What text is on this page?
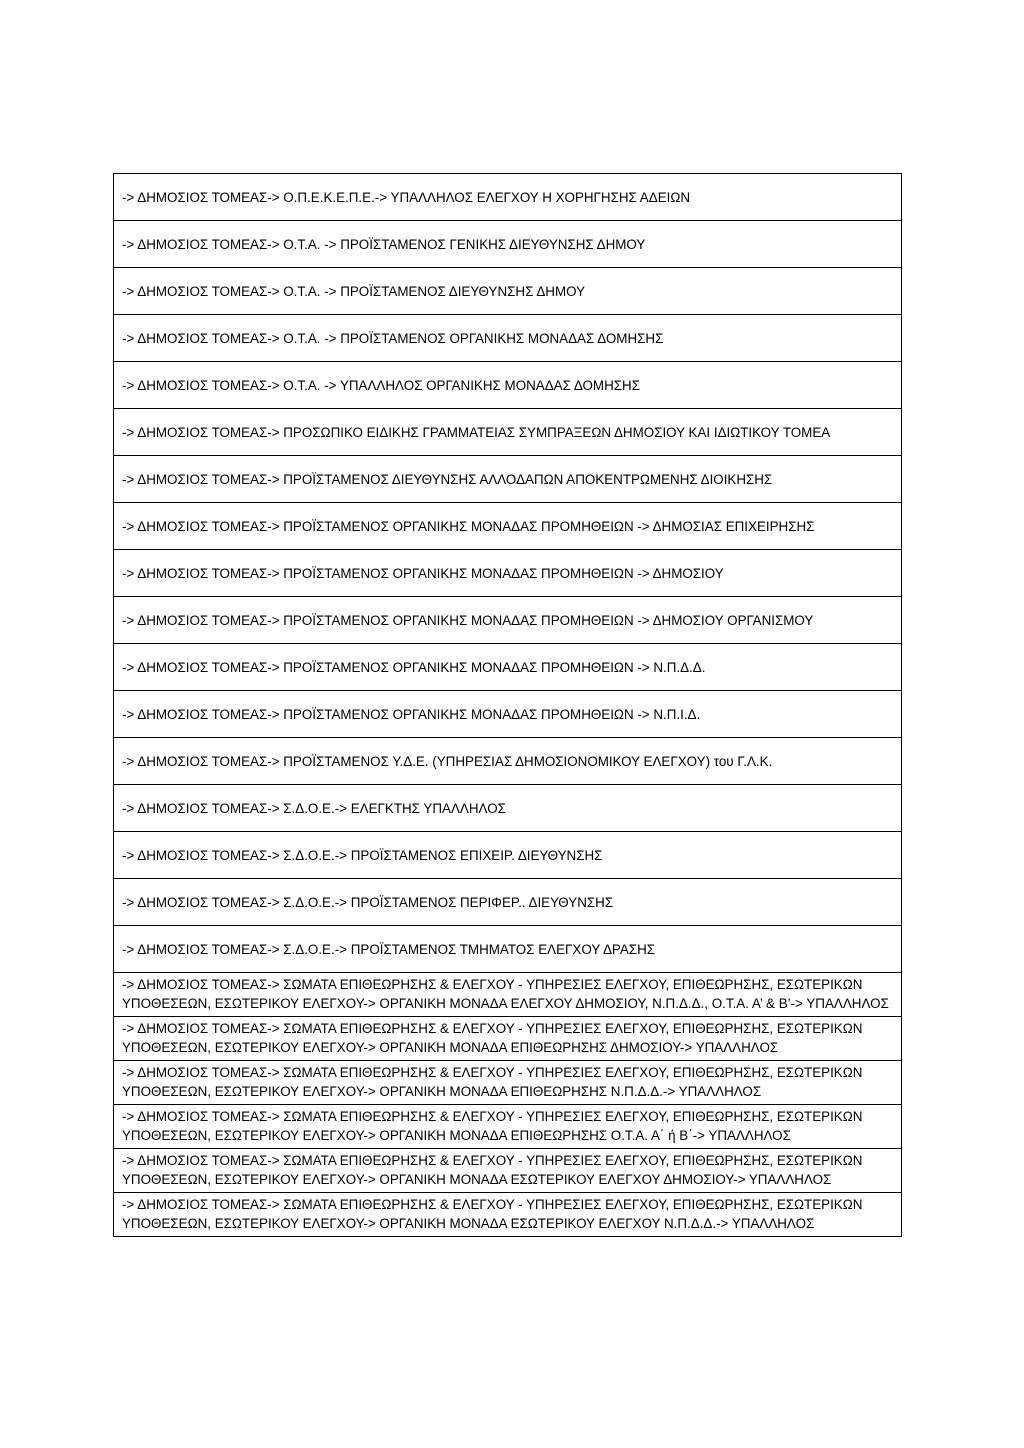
-> ΔΗΜΟΣΙΟΣ ΤΟΜΕΑΣ-> Ο.Π.Ε.Κ.Ε.Π.Ε.-> ΥΠΑΛΛΗΛΟΣ ΕΛΕΓΧΟΥ Η ΧΟΡΗΓΗΣΗΣ ΑΔΕΙΩΝ
-> ΔΗΜΟΣΙΟΣ ΤΟΜΕΑΣ-> Ο.Τ.Α. -> ΠΡΟΪΣΤΑΜΕΝΟΣ ΓΕΝΙΚΗΣ ΔΙΕΥΘΥΝΣΗΣ ΔΗΜΟΥ
-> ΔΗΜΟΣΙΟΣ ΤΟΜΕΑΣ-> Ο.Τ.Α. -> ΠΡΟΪΣΤΑΜΕΝΟΣ ΔΙΕΥΘΥΝΣΗΣ ΔΗΜΟΥ
-> ΔΗΜΟΣΙΟΣ ΤΟΜΕΑΣ-> Ο.Τ.Α. -> ΠΡΟΪΣΤΑΜΕΝΟΣ ΟΡΓΑΝΙΚΗΣ ΜΟΝΑΔΑΣ ΔΟΜΗΣΗΣ
-> ΔΗΜΟΣΙΟΣ ΤΟΜΕΑΣ-> Ο.Τ.Α. -> ΥΠΑΛΛΗΛΟΣ ΟΡΓΑΝΙΚΗΣ ΜΟΝΑΔΑΣ ΔΟΜΗΣΗΣ
-> ΔΗΜΟΣΙΟΣ ΤΟΜΕΑΣ-> ΠΡΟΣΩΠΙΚΟ ΕΙΔΙΚΗΣ ΓΡΑΜΜΑΤΕΙΑΣ ΣΥΜΠΡΑΞΕΩΝ ΔΗΜΟΣΙΟΥ ΚΑΙ ΙΔΙΩΤΙΚΟΥ ΤΟΜΕΑ
-> ΔΗΜΟΣΙΟΣ ΤΟΜΕΑΣ-> ΠΡΟΪΣΤΑΜΕΝΟΣ ΔΙΕΥΘΥΝΣΗΣ ΑΛΛΟΔΑΠΩΝ ΑΠΟΚΕΝΤΡΩΜΕΝΗΣ ΔΙΟΙΚΗΣΗΣ
-> ΔΗΜΟΣΙΟΣ ΤΟΜΕΑΣ-> ΠΡΟΪΣΤΑΜΕΝΟΣ ΟΡΓΑΝΙΚΗΣ ΜΟΝΑΔΑΣ ΠΡΟΜΗΘΕΙΩΝ -> ΔΗΜΟΣΙΑΣ ΕΠΙΧΕΙΡΗΣΗΣ
-> ΔΗΜΟΣΙΟΣ ΤΟΜΕΑΣ-> ΠΡΟΪΣΤΑΜΕΝΟΣ ΟΡΓΑΝΙΚΗΣ ΜΟΝΑΔΑΣ ΠΡΟΜΗΘΕΙΩΝ -> ΔΗΜΟΣΙΟΥ
-> ΔΗΜΟΣΙΟΣ ΤΟΜΕΑΣ-> ΠΡΟΪΣΤΑΜΕΝΟΣ ΟΡΓΑΝΙΚΗΣ ΜΟΝΑΔΑΣ ΠΡΟΜΗΘΕΙΩΝ -> ΔΗΜΟΣΙΟΥ ΟΡΓΑΝΙΣΜΟΥ
-> ΔΗΜΟΣΙΟΣ ΤΟΜΕΑΣ-> ΠΡΟΪΣΤΑΜΕΝΟΣ ΟΡΓΑΝΙΚΗΣ ΜΟΝΑΔΑΣ ΠΡΟΜΗΘΕΙΩΝ -> Ν.Π.Δ.Δ.
-> ΔΗΜΟΣΙΟΣ ΤΟΜΕΑΣ-> ΠΡΟΪΣΤΑΜΕΝΟΣ ΟΡΓΑΝΙΚΗΣ ΜΟΝΑΔΑΣ ΠΡΟΜΗΘΕΙΩΝ -> Ν.Π.Ι.Δ.
-> ΔΗΜΟΣΙΟΣ ΤΟΜΕΑΣ-> ΠΡΟΪΣΤΑΜΕΝΟΣ Υ.Δ.Ε. (ΥΠΗΡΕΣΙΑΣ ΔΗΜΟΣΙΟΝΟΜΙΚΟΥ ΕΛΕΓΧΟΥ) του Γ.Λ.Κ.
-> ΔΗΜΟΣΙΟΣ ΤΟΜΕΑΣ-> Σ.Δ.Ο.Ε.-> ΕΛΕΓΚΤΗΣ ΥΠΑΛΛΗΛΟΣ
-> ΔΗΜΟΣΙΟΣ ΤΟΜΕΑΣ-> Σ.Δ.Ο.Ε.-> ΠΡΟΪΣΤΑΜΕΝΟΣ ΕΠΙΧΕΙΡ. ΔΙΕΥΘΥΝΣΗΣ
-> ΔΗΜΟΣΙΟΣ ΤΟΜΕΑΣ-> Σ.Δ.Ο.Ε.-> ΠΡΟΪΣΤΑΜΕΝΟΣ ΠΕΡΙΦΕΡ.. ΔΙΕΥΘΥΝΣΗΣ
-> ΔΗΜΟΣΙΟΣ ΤΟΜΕΑΣ-> Σ.Δ.Ο.Ε.-> ΠΡΟΪΣΤΑΜΕΝΟΣ ΤΜΗΜΑΤΟΣ ΕΛΕΓΧΟΥ ΔΡΑΣΗΣ
-> ΔΗΜΟΣΙΟΣ ΤΟΜΕΑΣ-> ΣΩΜΑΤΑ ΕΠΙΘΕΩΡΗΣΗΣ & ΕΛΕΓΧΟΥ - ΥΠΗΡΕΣΙΕΣ ΕΛΕΓΧΟΥ, ΕΠΙΘΕΩΡΗΣΗΣ, ΕΣΩΤΕΡΙΚΩΝ ΥΠΟΘΕΣΕΩΝ, ΕΣΩΤΕΡΙΚΟΥ ΕΛΕΓΧΟΥ-> ΟΡΓΑΝΙΚΗ ΜΟΝΑΔΑ ΕΛΕΓΧΟΥ ΔΗΜΟΣΙΟΥ, Ν.Π.Δ.Δ., Ο.Τ.Α. Α’ & Β’-> ΥΠΑΛΛΗΛΟΣ
-> ΔΗΜΟΣΙΟΣ ΤΟΜΕΑΣ-> ΣΩΜΑΤΑ ΕΠΙΘΕΩΡΗΣΗΣ & ΕΛΕΓΧΟΥ - ΥΠΗΡΕΣΙΕΣ ΕΛΕΓΧΟΥ, ΕΠΙΘΕΩΡΗΣΗΣ, ΕΣΩΤΕΡΙΚΩΝ ΥΠΟΘΕΣΕΩΝ, ΕΣΩΤΕΡΙΚΟΥ ΕΛΕΓΧΟΥ-> ΟΡΓΑΝΙΚΗ ΜΟΝΑΔΑ ΕΠΙΘΕΩΡΗΣΗΣ ΔΗΜΟΣΙΟΥ-> ΥΠΑΛΛΗΛΟΣ
-> ΔΗΜΟΣΙΟΣ ΤΟΜΕΑΣ-> ΣΩΜΑΤΑ ΕΠΙΘΕΩΡΗΣΗΣ & ΕΛΕΓΧΟΥ - ΥΠΗΡΕΣΙΕΣ ΕΛΕΓΧΟΥ, ΕΠΙΘΕΩΡΗΣΗΣ, ΕΣΩΤΕΡΙΚΩΝ ΥΠΟΘΕΣΕΩΝ, ΕΣΩΤΕΡΙΚΟΥ ΕΛΕΓΧΟΥ-> ΟΡΓΑΝΙΚΗ ΜΟΝΑΔΑ ΕΠΙΘΕΩΡΗΣΗΣ Ν.Π.Δ.Δ.-> ΥΠΑΛΛΗΛΟΣ
-> ΔΗΜΟΣΙΟΣ ΤΟΜΕΑΣ-> ΣΩΜΑΤΑ ΕΠΙΘΕΩΡΗΣΗΣ & ΕΛΕΓΧΟΥ - ΥΠΗΡΕΣΙΕΣ ΕΛΕΓΧΟΥ, ΕΠΙΘΕΩΡΗΣΗΣ, ΕΣΩΤΕΡΙΚΩΝ ΥΠΟΘΕΣΕΩΝ, ΕΣΩΤΕΡΙΚΟΥ ΕΛΕΓΧΟΥ-> ΟΡΓΑΝΙΚΗ ΜΟΝΑΔΑ ΕΠΙΘΕΩΡΗΣΗΣ Ο.Τ.Α. Α΄ ή Β΄-> ΥΠΑΛΛΗΛΟΣ
-> ΔΗΜΟΣΙΟΣ ΤΟΜΕΑΣ-> ΣΩΜΑΤΑ ΕΠΙΘΕΩΡΗΣΗΣ & ΕΛΕΓΧΟΥ - ΥΠΗΡΕΣΙΕΣ ΕΛΕΓΧΟΥ, ΕΠΙΘΕΩΡΗΣΗΣ, ΕΣΩΤΕΡΙΚΩΝ ΥΠΟΘΕΣΕΩΝ, ΕΣΩΤΕΡΙΚΟΥ ΕΛΕΓΧΟΥ-> ΟΡΓΑΝΙΚΗ ΜΟΝΑΔΑ ΕΣΩΤΕΡΙΚΟΥ ΕΛΕΓΧΟΥ ΔΗΜΟΣΙΟΥ-> ΥΠΑΛΛΗΛΟΣ
-> ΔΗΜΟΣΙΟΣ ΤΟΜΕΑΣ-> ΣΩΜΑΤΑ ΕΠΙΘΕΩΡΗΣΗΣ & ΕΛΕΓΧΟΥ - ΥΠΗΡΕΣΙΕΣ ΕΛΕΓΧΟΥ, ΕΠΙΘΕΩΡΗΣΗΣ, ΕΣΩΤΕΡΙΚΩΝ ΥΠΟΘΕΣΕΩΝ, ΕΣΩΤΕΡΙΚΟΥ ΕΛΕΓΧΟΥ-> ΟΡΓΑΝΙΚΗ ΜΟΝΑΔΑ ΕΣΩΤΕΡΙΚΟΥ ΕΛΕΓΧΟΥ Ν.Π.Δ.Δ.-> ΥΠΑΛΛΗΛΟΣ
